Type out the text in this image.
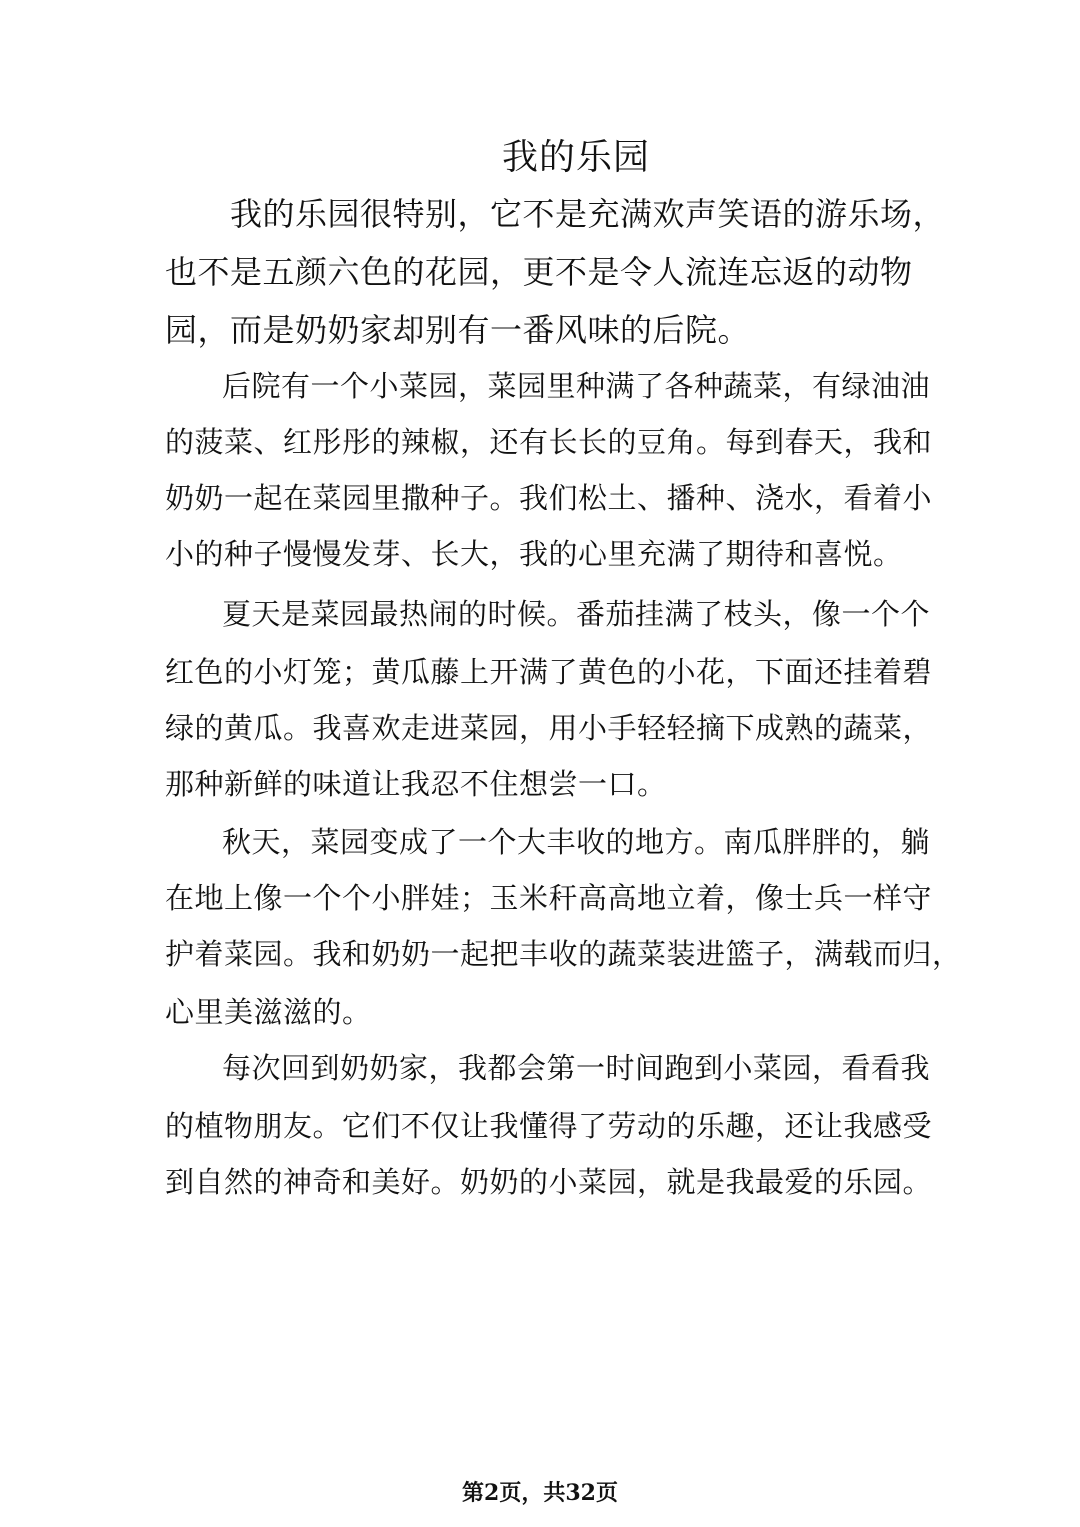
我的乐园
我的乐园很特别，它不是充满欢声笑语的游乐场，
也不是五颜六色的花园，更不是令人流连忘返的动物
园，而是奶奶家却别有一番风味的后院。
后院有一个小菜园，菜园里种满了各种蔬菜，有绿油油
的菠菜、红彤彤的辣椒，还有长长的豆角。每到春天，我和
奶奶一起在菜园里撒种子。我们松土、播种、浇水，看着小
小的种子慢慢发芽、长大，我的心里充满了期待和喜悦。
夏天是菜园最热闹的时候。番茄挂满了枝头，像一个个
红色的小灯笼；黄瓜藤上开满了黄色的小花，下面还挂着碧
绿的黄瓜。我喜欢走进菜园，用小手轻轻摘下成熟的蔬菜，
那种新鲜的味道让我忍不住想尝一口。
秋天，菜园变成了一个大丰收的地方。南瓜胖胖的，躺
在地上像一个个小胖娃；玉米秆高高地立着，像士兵一样守
护着菜园。我和奶奶一起把丰收的蔬菜装进篮子，满载而归，
心里美滋滋的。
每次回到奶奶家，我都会第一时间跑到小菜园，看看我
的植物朋友。它们不仅让我懂得了劳动的乐趣，还让我感受
到自然的神奇和美好。奶奶的小菜园，就是我最爱的乐园。
第2页，共32页
